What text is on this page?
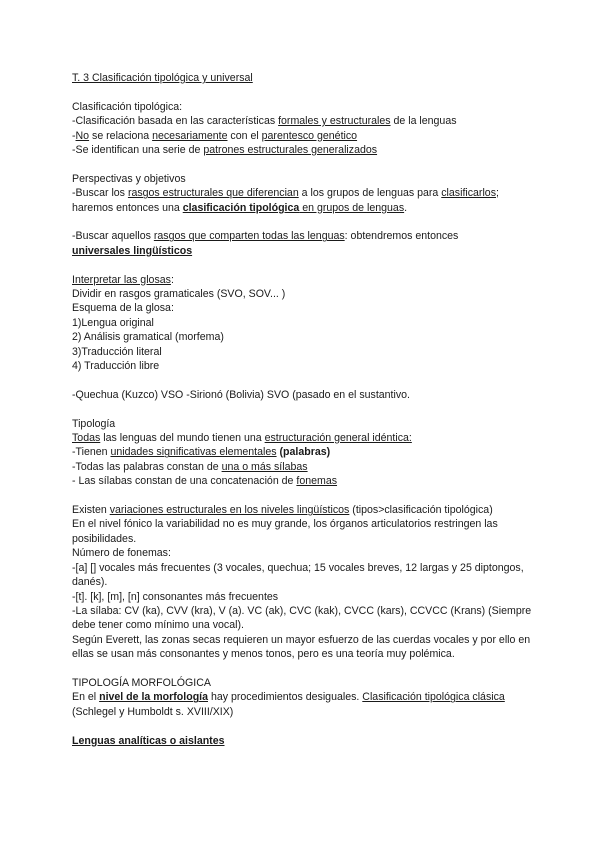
T. 3 Clasificación tipológica y universal
Clasificación tipológica:
-Clasificación basada en las características formales y estructurales de la lenguas
-No se relaciona necesariamente con el parentesco genético
-Se identifican una serie de patrones estructurales generalizados
Perspectivas y objetivos
-Buscar los rasgos estructurales que diferencian a los grupos de lenguas para clasificarlos;
haremos entonces una clasificación tipológica en grupos de lenguas.
-Buscar aquellos rasgos que comparten todas las lenguas: obtendremos entonces
universales lingüísticos
Interpretar las glosas:
Dividir en rasgos gramaticales (SVO, SOV... )
Esquema de la glosa:
1)Lengua original
2) Análisis gramatical (morfema)
3)Traducción literal
4) Traducción libre
-Quechua (Kuzco) VSO -Sirionó (Bolivia) SVO (pasado en el sustantivo.
Tipología
Todas las lenguas del mundo tienen una estructuración general idéntica:
-Tienen unidades significativas elementales (palabras)
-Todas las palabras constan de una o más sílabas
- Las sílabas constan de una concatenación de fonemas
Existen variaciones estructurales en los niveles lingüísticos (tipos>clasificación tipológica)
En el nivel fónico la variabilidad no es muy grande, los órganos articulatorios restringen las posibilidades.
Número de fonemas:
-[a] [] vocales más frecuentes (3 vocales, quechua; 15 vocales breves, 12 largas y 25 diptongos, danés).
-[t]. [k], [m], [n] consonantes más frecuentes
-La sílaba: CV (ka), CVV (kra), V (a). VC (ak), CVC (kak), CVCC (kars), CCVCC (Krans) (Siempre debe tener como mínimo una vocal).
Según Everett, las zonas secas requieren un mayor esfuerzo de las cuerdas vocales y por ello en ellas se usan más consonantes y menos tonos, pero es una teoría muy polémica.
TIPOLOGÍA MORFOLÓGICA
En el nivel de la morfología hay procedimientos desiguales. Clasificación tipológica clásica
(Schlegel y Humboldt s. XVIII/XIX)
Lenguas analíticas o aislantes
